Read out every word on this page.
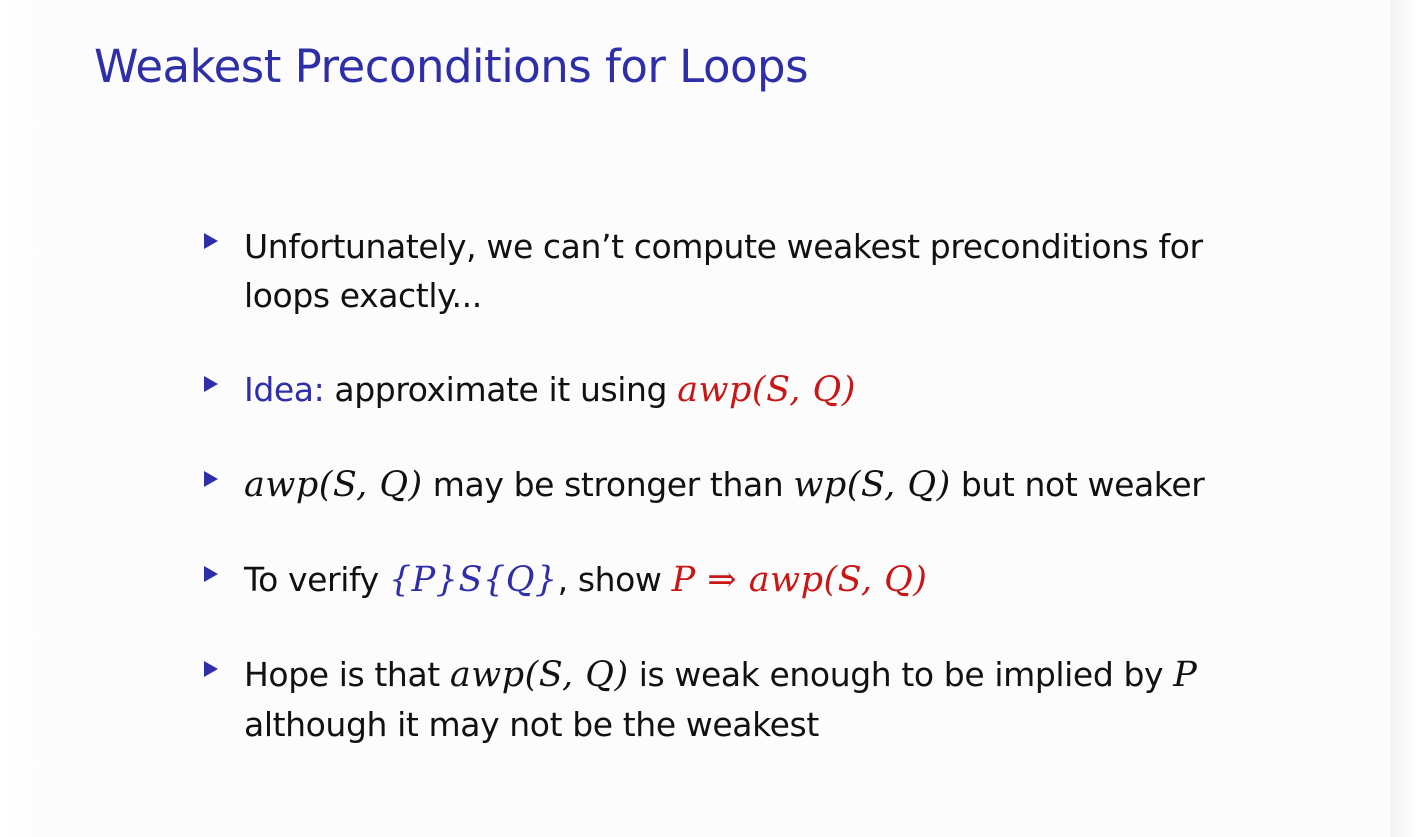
Weakest Preconditions for Loops
Unfortunately, we can’t compute weakest preconditions for loops exactly...
Idea: approximate it using awp(S, Q)
awp(S, Q) may be stronger than wp(S, Q) but not weaker
To verify {P}S{Q}, show P ⇒ awp(S, Q)
Hope is that awp(S, Q) is weak enough to be implied by P although it may not be the weakest
